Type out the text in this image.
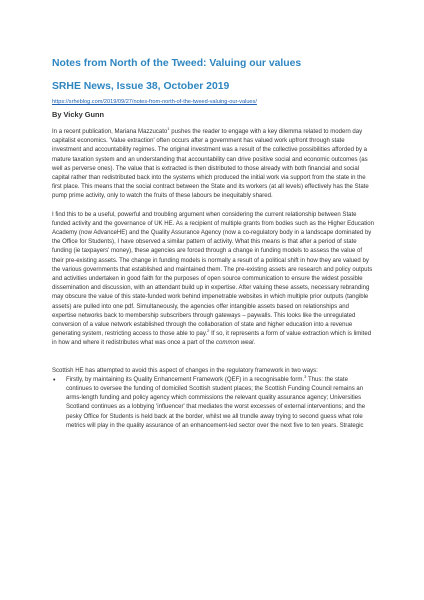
Notes from North of the Tweed: Valuing our values
SRHE News, Issue 38, October 2019
https://srheblog.com/2019/09/27/notes-from-north-of-the-tweed-valuing-our-values/
By Vicky Gunn

In a recent publication, Mariana Mazzucato$^1$ pushes the reader to engage with a key dilemma related to modern day capitalist economics. 'Value extraction' often occurs after a government has valued work upfront through state investment and accountability regimes. The original investment was a result of the collective possibilities afforded by a mature taxation system and an understanding that accountability can drive positive social and economic outcomes (as well as perverse ones). The value that is extracted is then distributed to those already with both financial and social capital rather than redistributed back into the systems which produced the initial work via support from the state in the first place. This means that the social contract between the State and its workers (at all levels) effectively has the State pump prime activity, only to watch the fruits of these labours be inequitably shared.

I find this to be a useful, powerful and troubling argument when considering the current relationship between State funded activity and the governance of UK HE. As a recipient of multiple grants from bodies such as the Higher Education Academy (now AdvanceHE) and the Quality Assurance Agency (now a co-regulatory body in a landscape dominated by the Office for Students), I have observed a similar pattern of activity. What this means is that after a period of state funding (ie taxpayers' money), these agencies are forced through a change in funding models to assess the value of their pre-existing assets. The change in funding models is normally a result of a political shift in how they are valued by the various governments that established and maintained them. The pre-existing assets are research and policy outputs and activities undertaken in good faith for the purposes of open source communication to ensure the widest possible dissemination and discussion, with an attendant build up in expertise. After valuing these assets, necessary rebranding may obscure the value of this state-funded work behind impenetrable websites in which multiple prior outputs (tangible assets) are pulled into one pdf. Simultaneously, the agencies offer intangible assets based on relationships and expertise networks back to membership subscribers through gateways – paywalls. This looks like the unregulated conversion of a value network established through the collaboration of state and higher education into a revenue generating system, restricting access to those able to pay.$^2$ If so, it represents a form of value extraction which is limited in how and where it redistributes what was once a part of the common weal.

Scottish HE has attempted to avoid this aspect of changes in the regulatory framework in two ways:

• Firstly, by maintaining its Quality Enhancement Framework (QEF) in a recognisable form.$^3$ Thus: the state continues to oversee the funding of domiciled Scottish student places; the Scottish Funding Council remains an arms-length funding and policy agency which commissions the relevant quality assurance agency; Universities Scotland continues as a lobbying 'influencer' that mediates the worst excesses of external interventions; and the pesky Office for Students is held back at the border, whilst we all trundle away trying to second guess what role metrics will play in the quality assurance of an enhancement-led sector over the next five to ten years. Strategic
